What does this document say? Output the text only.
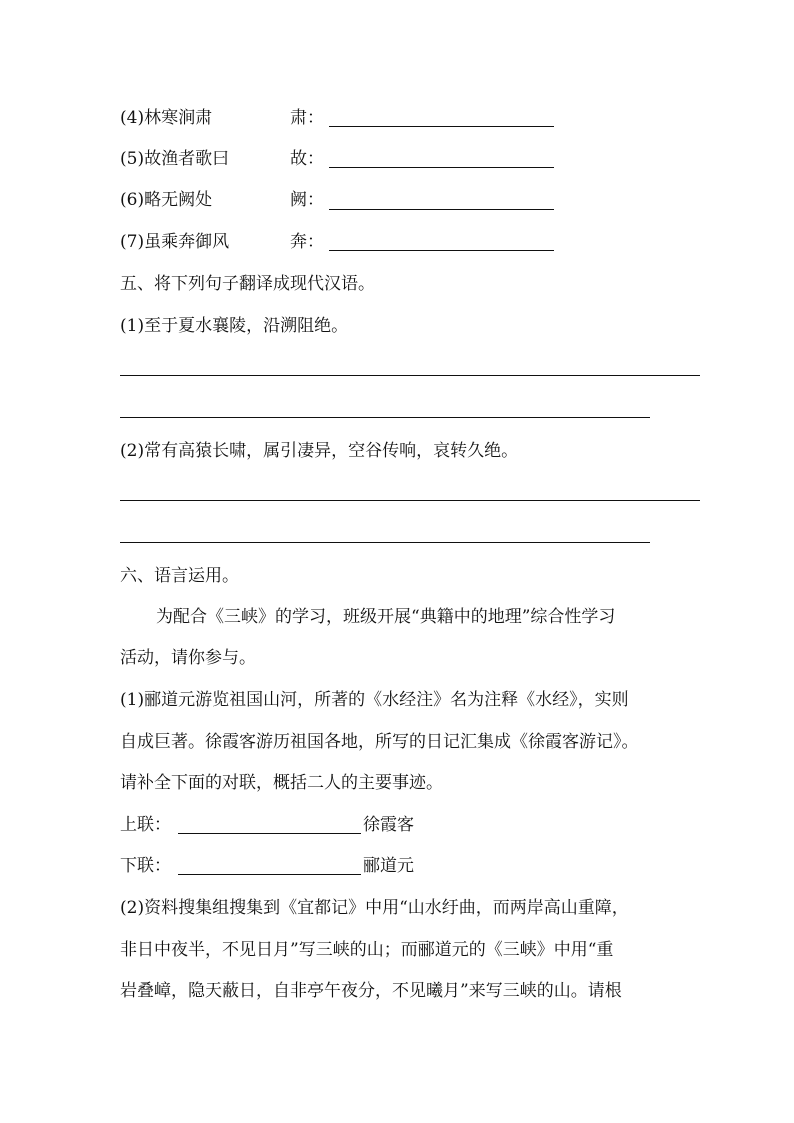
(4)林寒涧肃	肃：
(5)故渔者歌曰	故：
(6)略无阙处	阙：
(7)虽乘奔御风	奔：
五、将下列句子翻译成现代汉语。
(1)至于夏水襄陵，沿溯阻绝。
(2)常有高猿长啸，属引凄异，空谷传响，哀转久绝。
六、语言运用。
为配合《三峡》的学习，班级开展“典籍中的地理”综合性学习
活动，请你参与。
(1)郦道元游览祖国山河，所著的《水经注》名为注释《水经》，实则
自成巨著。徐霞客游历祖国各地，所写的日记汇集成《徐霞客游记》。
请补全下面的对联，概括二人的主要事迹。
上联：	徐霞客
下联：	郦道元
(2)资料搜集组搜集到《宜都记》中用“山水纡曲，而两岸高山重障，
非日中夜半，不见日月”写三峡的山；而郦道元的《三峡》中用“重
岩叠嶂，隐天蔽日，自非亭午夜分，不见曦月”来写三峡的山。请根
